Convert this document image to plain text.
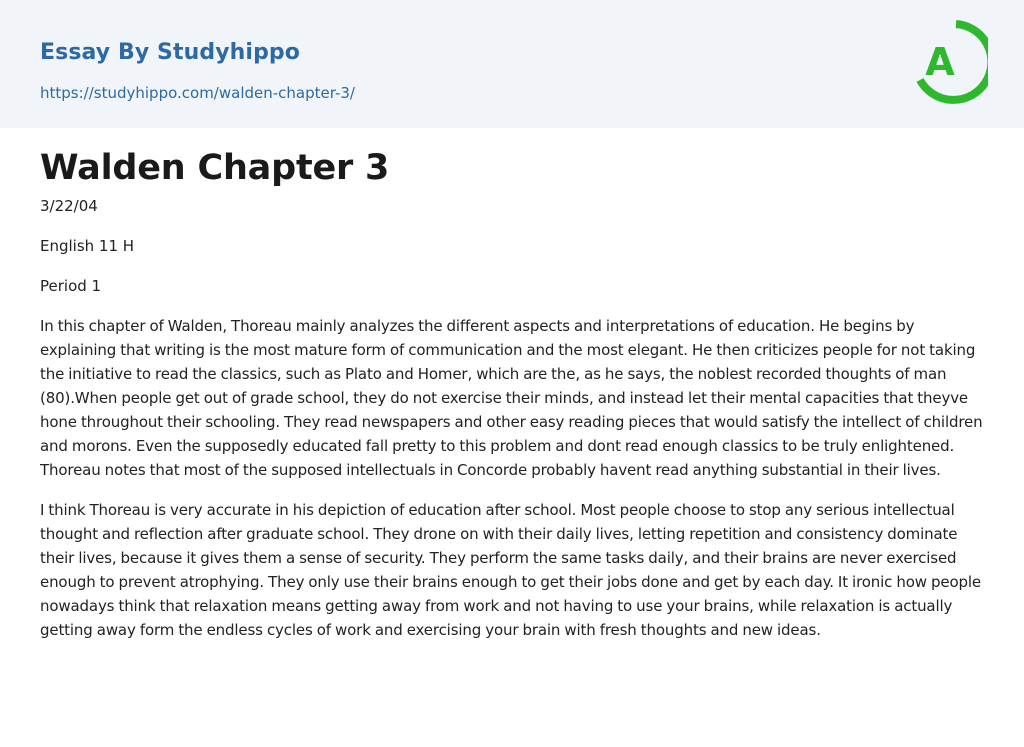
Essay By Studyhippo
https://studyhippo.com/walden-chapter-3/
A
Walden Chapter 3

3/22/04

English 11 H

Period 1

In this chapter of Walden, Thoreau mainly analyzes the different aspects and interpretations of education. He begins by explaining that writing is the most mature form of communication and the most elegant. He then criticizes people for not taking the initiative to read the classics, such as Plato and Homer, which are the, as he says, the noblest recorded thoughts of man (80).When people get out of grade school, they do not exercise their minds, and instead let their mental capacities that theyve hone throughout their schooling. They read newspapers and other easy reading pieces that would satisfy the intellect of children and morons. Even the supposedly educated fall pretty to this problem and dont read enough classics to be truly enlightened. Thoreau notes that most of the supposed intellectuals in Concorde probably havent read anything substantial in their lives.

I think Thoreau is very accurate in his depiction of education after school. Most people choose to stop any serious intellectual thought and reflection after graduate school. They drone on with their daily lives, letting repetition and consistency dominate their lives, because it gives them a sense of security. They perform the same tasks daily, and their brains are never exercised enough to prevent atrophying. They only use their brains enough to get their jobs done and get by each day. It ironic how people nowadays think that relaxation means getting away from work and not having to use your brains, while relaxation is actually getting away form the endless cycles of work and exercising your brain with fresh thoughts and new ideas.
